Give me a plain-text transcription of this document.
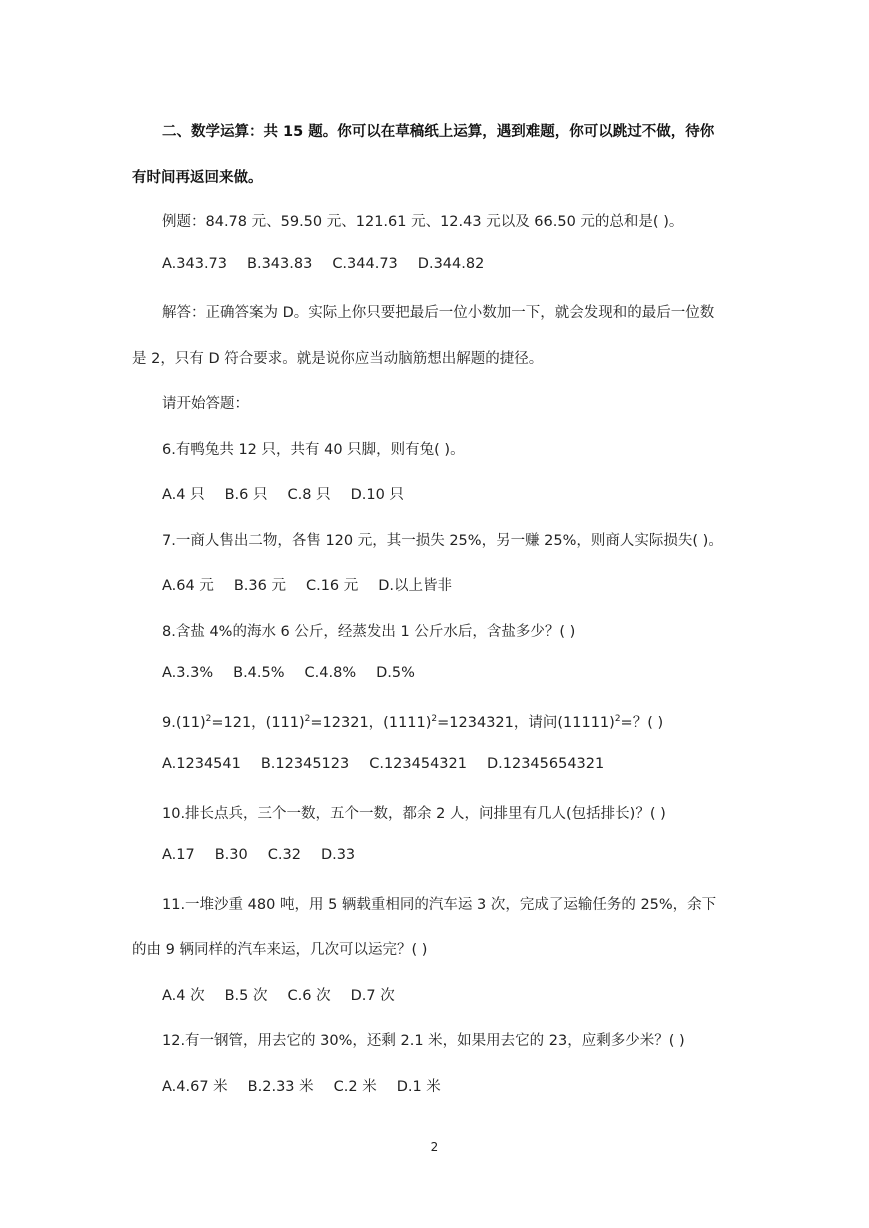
二、数学运算：共 15 题。你可以在草稿纸上运算，遇到难题，你可以跳过不做，待你
有时间再返回来做。
例题：84.78 元、59.50 元、121.61 元、12.43 元以及 66.50 元的总和是( )。
A.343.73 B.343.83 C.344.73 D.344.82
解答：正确答案为 D。实际上你只要把最后一位小数加一下，就会发现和的最后一位数
是 2，只有 D 符合要求。就是说你应当动脑筋想出解题的捷径。
请开始答题：
6.有鸭兔共 12 只，共有 40 只脚，则有兔( )。
A.4 只 B.6 只 C.8 只 D.10 只
7.一商人售出二物，各售 120 元，其一损失 25%，另一赚 25%，则商人实际损失( )。
A.64 元 B.36 元 C.16 元 D.以上皆非
8.含盐 4%的海水 6 公斤，经蒸发出 1 公斤水后，含盐多少？( )
A.3.3% B.4.5% C.4.8% D.5%
$9.(11)^2=121$，$(111)^2=12321$，$(1111)^2=1234321$，请问$(11111)^2=$？( )
A.1234541 B.12345123 C.123454321 D.12345654321
10.排长点兵，三个一数，五个一数，都余 2 人，问排里有几人(包括排长)？( )
A.17 B.30 C.32 D.33
11.一堆沙重 480 吨，用 5 辆载重相同的汽车运 3 次，完成了运输任务的 25%，余下
的由 9 辆同样的汽车来运，几次可以运完？( )
A.4 次 B.5 次 C.6 次 D.7 次
12.有一钢管，用去它的 30%，还剩 2.1 米，如果用去它的 23，应剩多少米？( )
A.4.67 米 B.2.33 米 C.2 米 D.1 米
2
